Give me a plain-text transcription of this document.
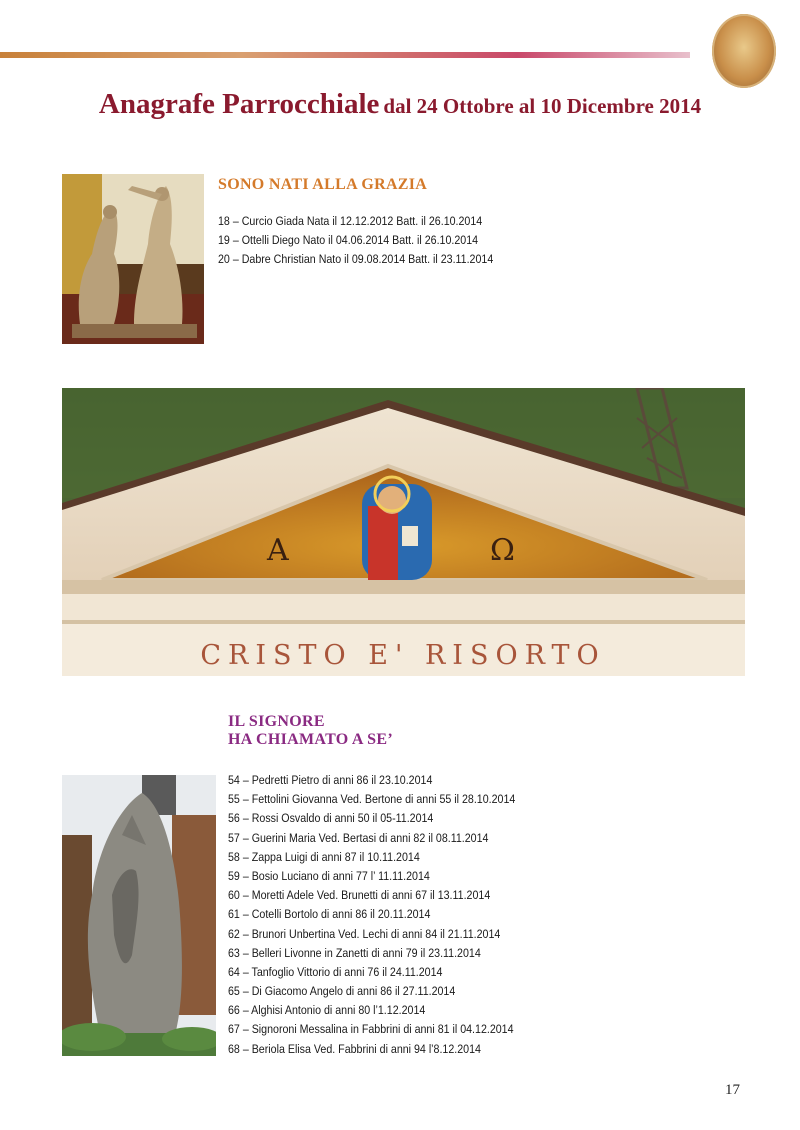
Anagrafe Parrocchiale dal 24 Ottobre al 10 Dicembre 2014
18 – Curcio Giada Nata il 12.12.2012 Batt. il 26.10.2014
19 – Ottelli Diego Nato il 04.06.2014 Batt. il 26.10.2014
20 – Dabre Christian Nato il 09.08.2014 Batt. il 23.11.2014
SONO NATI ALLA GRAZIA
A	Ω
CRISTO E' RISORTO
IL SIGNORE
HA CHIAMATO A SE’
54 – Pedretti Pietro di anni 86 il 23.10.2014
55 – Fettolini Giovanna Ved. Bertone di anni 55 il 28.10.2014
56 – Rossi Osvaldo di anni 50 il 05-11.2014
57 – Guerini Maria Ved. Bertasi di anni 82 il 08.11.2014
58 – Zappa Luigi di anni 87 il 10.11.2014
59 – Bosio Luciano di anni 77 l’ 11.11.2014
60 – Moretti Adele Ved. Brunetti di anni 67 il 13.11.2014
61 – Cotelli Bortolo di anni 86 il 20.11.2014
62 – Brunori Unbertina Ved. Lechi di anni 84 il 21.11.2014
63 – Belleri Livonne in Zanetti di anni 79 il 23.11.2014
64 – Tanfoglio Vittorio di anni 76 il 24.11.2014
65 – Di Giacomo Angelo di anni 86 il 27.11.2014
66 – Alghisi Antonio di anni 80 l’1.12.2014
67 – Signoroni Messalina in Fabbrini di anni 81 il 04.12.2014
68 – Beriola Elisa Ved. Fabbrini di anni 94 l’8.12.2014
17
